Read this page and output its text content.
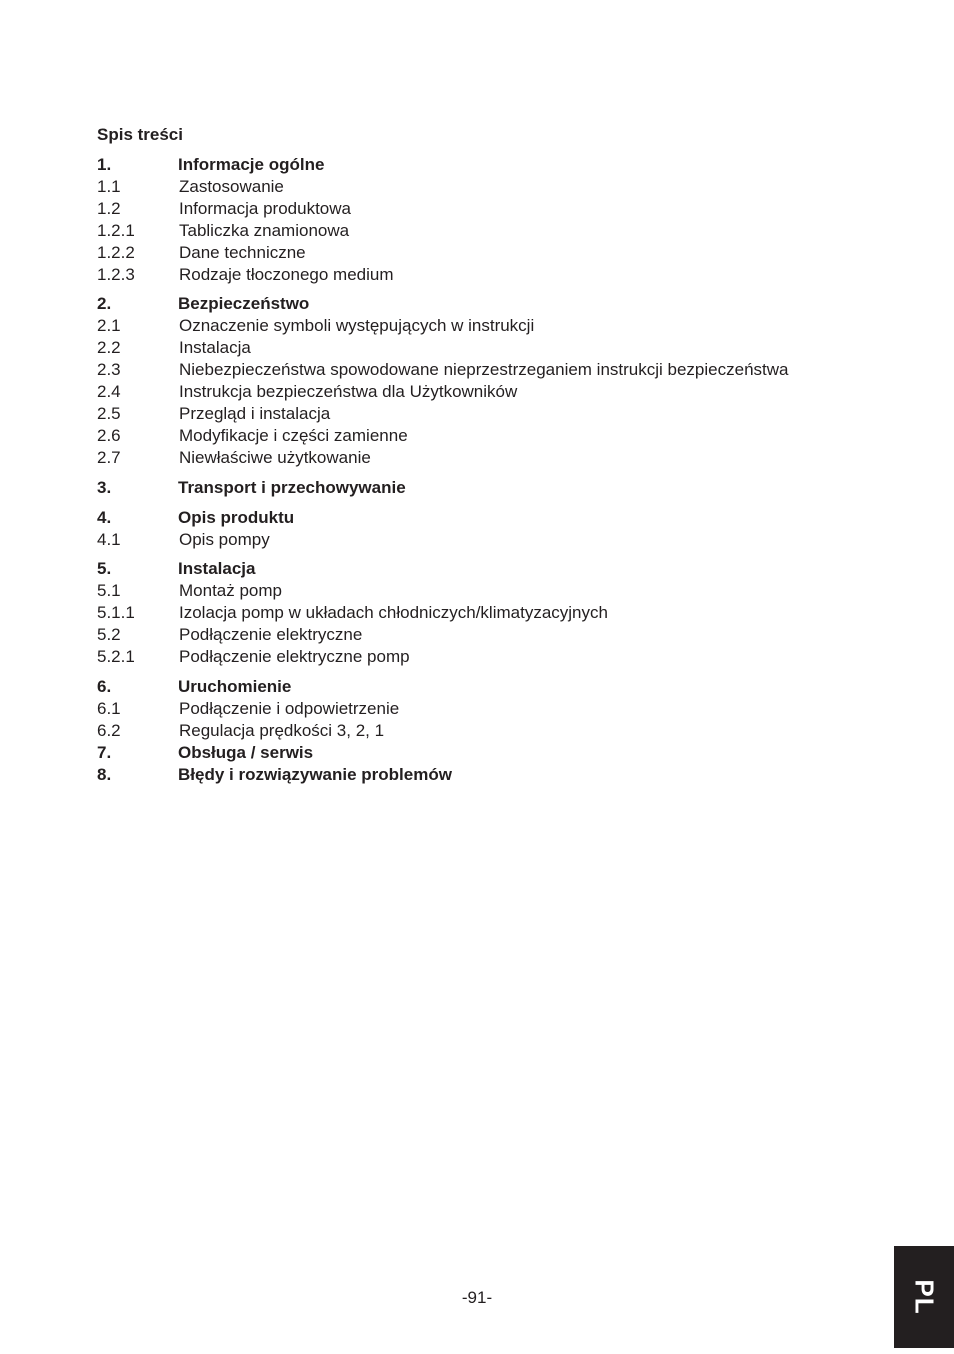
Spis treści
1.	Informacje ogólne
1.1	Zastosowanie
1.2	Informacja produktowa
1.2.1	Tabliczka znamionowa
1.2.2	Dane techniczne
1.2.3	Rodzaje tłoczonego medium
2.	Bezpieczeństwo
2.1	Oznaczenie symboli występujących w instrukcji
2.2	Instalacja
2.3	Niebezpieczeństwa spowodowane nieprzestrzeganiem instrukcji bezpieczeństwa
2.4	Instrukcja bezpieczeństwa dla Użytkowników
2.5	Przegląd i instalacja
2.6	Modyfikacje i części zamienne
2.7	Niewłaściwe użytkowanie
3.	Transport i przechowywanie
4.	Opis produktu
4.1	Opis pompy
5.	Instalacja
5.1	Montaż pomp
5.1.1	Izolacja pomp w układach chłodniczych/klimatyzacyjnych
5.2	Podłączenie elektryczne
5.2.1	Podłączenie elektryczne pomp
6.	Uruchomienie
6.1	Podłączenie i odpowietrzenie
6.2	Regulacja prędkości 3, 2, 1
7.	Obsługa / serwis
8.	Błędy i rozwiązywanie problemów
-91-	PL
